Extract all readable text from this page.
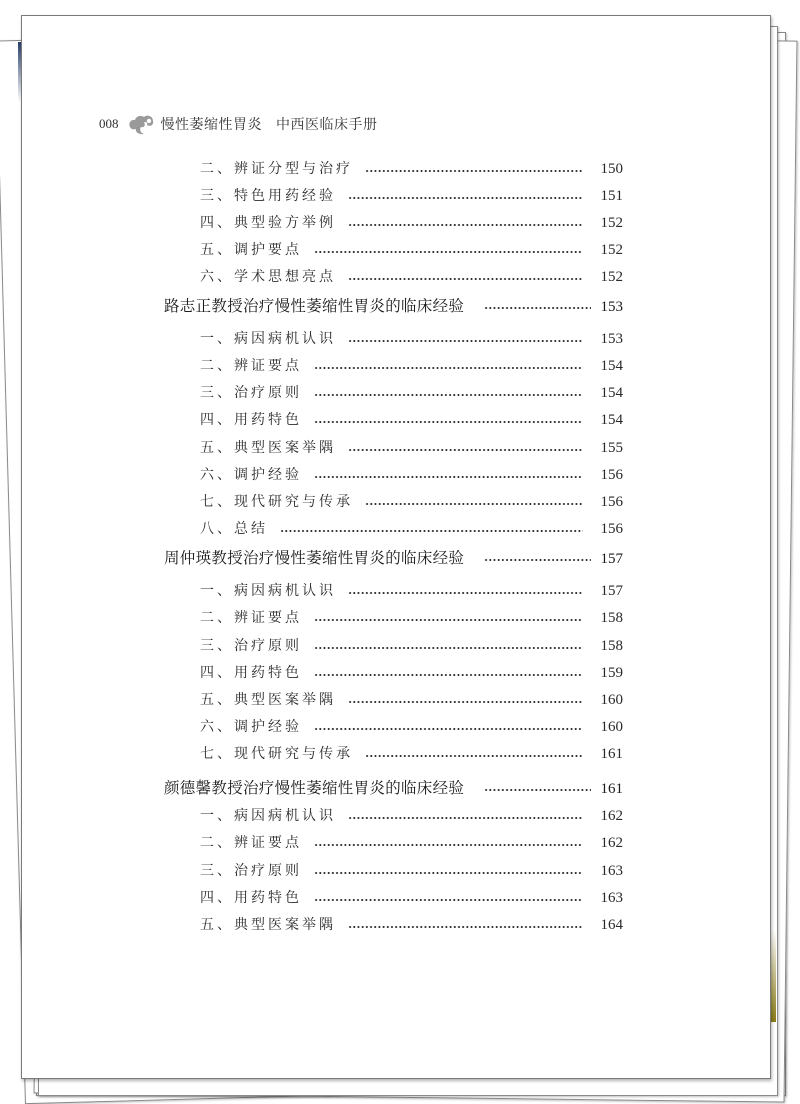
008	慢性萎缩性胃炎 中西医临床手册
二、辨证分型与治疗	150
三、特色用药经验	151
四、典型验方举例	152
五、调护要点	152
六、学术思想亮点	152
路志正教授治疗慢性萎缩性胃炎的临床经验	153
一、病因病机认识	153
二、辨证要点	154
三、治疗原则	154
四、用药特色	154
五、典型医案举隅	155
六、调护经验	156
七、现代研究与传承	156
八、总结	156
周仲瑛教授治疗慢性萎缩性胃炎的临床经验	157
一、病因病机认识	157
二、辨证要点	158
三、治疗原则	158
四、用药特色	159
五、典型医案举隅	160
六、调护经验	160
七、现代研究与传承	161
颜德馨教授治疗慢性萎缩性胃炎的临床经验	161
一、病因病机认识	162
二、辨证要点	162
三、治疗原则	163
四、用药特色	163
五、典型医案举隅	164
